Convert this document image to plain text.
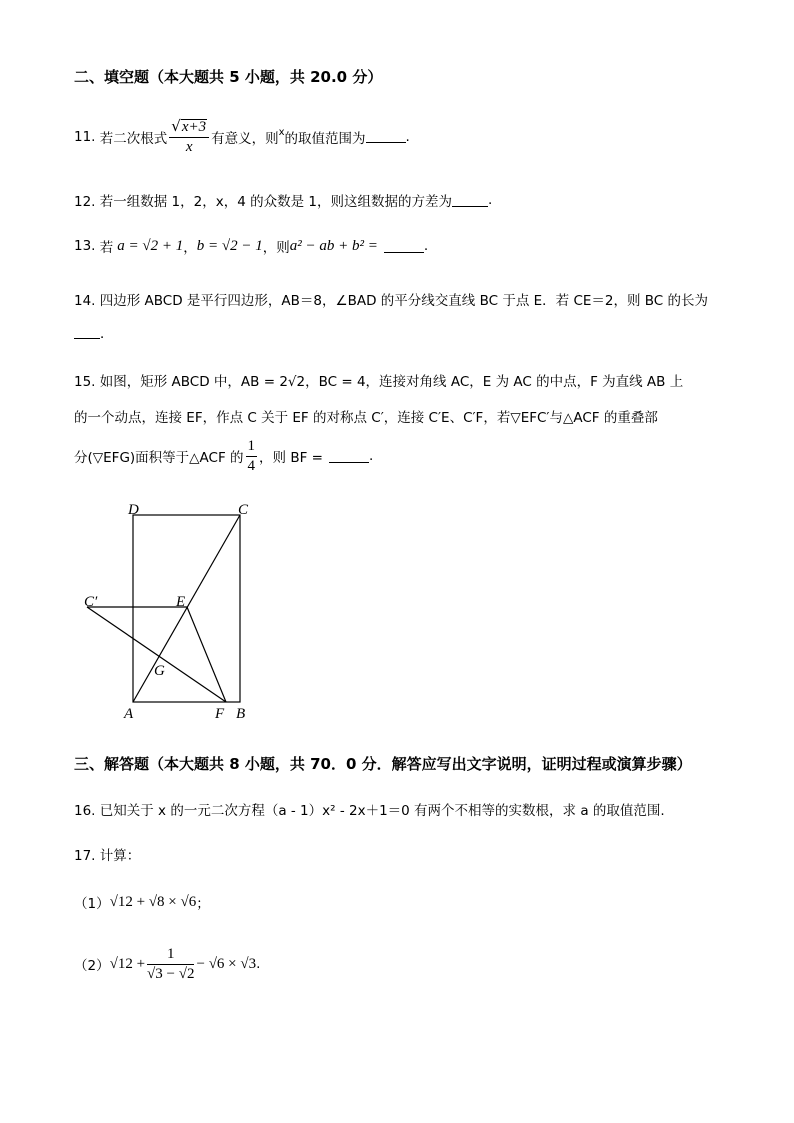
二、填空题（本大题共 5 小题，共 20.0 分）
11.
若二次根式 $\frac{√x+3}{x}$ 有意义，则 x 的取值范围为	.
12. 若一组数据 1，2，x，4 的众数是 1，则这组数据的方差为	.
13.
若 a = √2 + 1 ， b = √2 − 1 ，则 a² − ab + b² =	.
14. 四边形 ABCD 是平行四边形，AB＝8，∠BAD 的平分线交直线 BC 于点 E．若 CE＝2，则 BC 的长为
．
15. 如图，矩形 ABCD 中，AB = 2√2，BC = 4，连接对角线 AC，E 为 AC 的中点，F 为直线 AB 上
的一个动点，连接 EF，作点 C 关于 EF 的对称点 C′，连接 C′E、C′F，若▽EFC′与△ACF 的重叠部
分(▽EFG)面积等于△ACF 的 $\frac{1}{4}$ ，则 BF =	.
D	C
C′	E
G
A	F B
三、解答题（本大题共 8 小题，共 70．0 分．解答应写出文字说明，证明过程或演算步骤）
16. 已知关于 x 的一元二次方程（a - 1）x² - 2x＋1＝0 有两个不相等的实数根，求 a 的取值范围.
17. 计算：
（1） √12 + √8 × √6 ；
（2） $√12 + \frac{1}{√3 - √2} - √6 \times √3$ .
